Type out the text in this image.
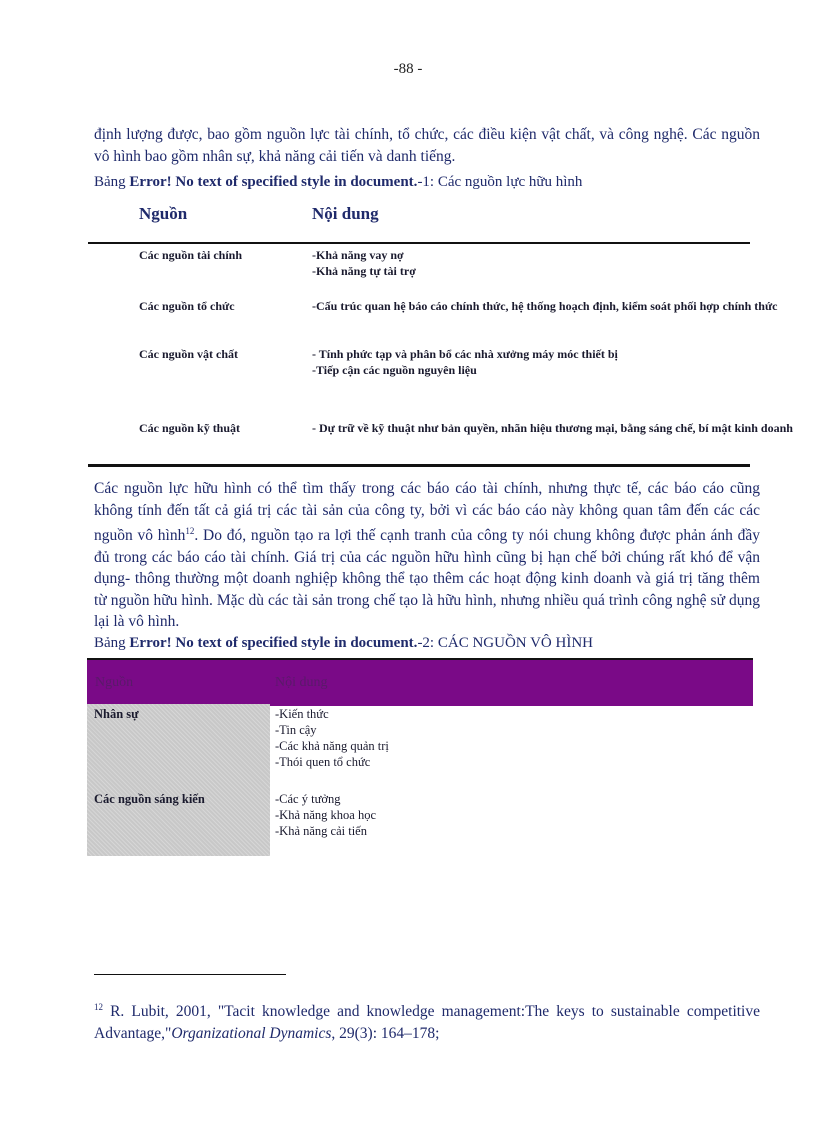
-88 -
định lượng được, bao gồm nguồn lực tài chính, tổ chức, các điều kiện vật chất, và công nghệ. Các nguồn vô hình bao gồm nhân sự, khả năng cải tiến và danh tiếng.
Bảng Error! No text of specified style in document.-1: Các nguồn lực hữu hình
Nguồn	Nội dung
Các nguồn tài chính	-Khả năng vay nợ
-Khả năng tự tài trợ
Các nguồn tổ chức	-Cấu trúc quan hệ báo cáo chính thức, hệ thống hoạch định, kiểm soát phối hợp chính thức
Các nguồn vật chất	- Tính phức tạp và phân bổ các nhà xưởng máy móc thiết bị
-Tiếp cận các nguồn nguyên liệu
Các nguồn kỹ thuật	- Dự trữ về kỹ thuật như bản quyền, nhãn hiệu thương mại, bằng sáng chế, bí mật kinh doanh
Các nguồn lực hữu hình có thể tìm thấy trong các báo cáo tài chính, nhưng thực tế, các báo cáo cũng không tính đến tất cả giá trị các tài sản của công ty, bởi vì các báo cáo này không quan tâm đến các các nguồn vô hình$^{12}$. Do đó, nguồn tạo ra lợi thế cạnh tranh của công ty nói chung không được phản ánh đầy đủ trong các báo cáo tài chính. Giá trị của các nguồn hữu hình cũng bị hạn chế bởi chúng rất khó để vận dụng- thông thường một doanh nghiệp không thể tạo thêm các hoạt động kinh doanh và giá trị tăng thêm từ nguồn hữu hình. Mặc dù các tài sản trong chế tạo là hữu hình, nhưng nhiều quá trình công nghệ sử dụng lại là vô hình.
Bảng Error! No text of specified style in document.-2: CÁC NGUỒN VÔ HÌNH
Nguồn	Nội dung
Nhân sự	-Kiến thức
-Tin cậy
-Các khả năng quản trị
-Thói quen tổ chức
Các nguồn sáng kiến	-Các ý tưởng
-Khả năng khoa học
-Khả năng cải tiến
$^{12}$ R. Lubit, 2001, "Tacit knowledge and knowledge management:The keys to sustainable competitive Advantage,"Organizational Dynamics, 29(3): 164–178;
